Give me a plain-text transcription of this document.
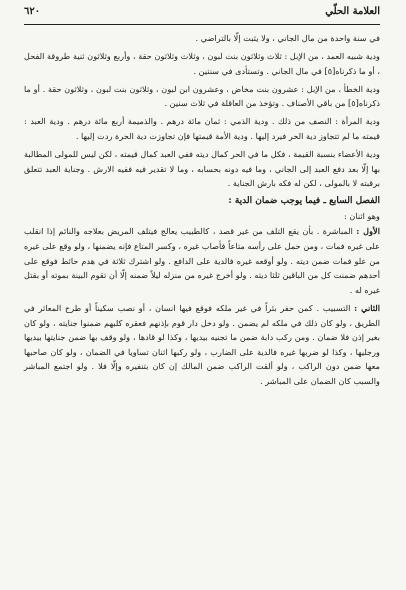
العلامة الحلّي
٦٢٠

في سنة واحدة من مال الجاني ، ولا يثبت إلّا بالتراضي .

ودية شبيه العمد ، من الإبل : ثلاث وثلاثون بنت لبون ، وثلاث وثلاثون حقة ، وأربع وثلاثون ثنية طروقة الفحل ، أو ما ذكرناه[٥] في مال الجاني . وتستأدى في سنتين .

ودية الخطأ ، من الإبل : عشرون بنت مخاض ، وعشرون ابن لبون ، وثلاثون بنت لبون ، وثلاثون حقة . أو ما ذكرناه[٥] من باقي الأصناف . وتؤخذ من العاقلة في ثلاث سنين .

ودية المرأة : النصف من ذلك . ودية الذمي : ثمان مائة درهم . والذميمة أربع مائة درهم . ودية العبد : قيمته ما لم تتجاوز دية الحر فيرد إليها . ودية الأمة قيمتها فإن تجاوزت دية الحرة ردت إليها .

ودية الأعضاء بنسبة القيمة ، فكل ما في الحر كمال ديته ففي العبد كمال قيمته ، لكن ليس للمولى المطالبة بها إلّا بعد دفع العبد إلى الجاني ، وما فيه دونه بحسابه ، وما لا تقدير فيه ففيه الارش . وجناية العبد تتعلق برقبته لا بالمولى ، لكن له فكه بارش الجناية .

الفصل السابع ـ فيما يوجب ضمان الدية :

وهو اثنان :

الأول : المباشرة . بأن يقع التلف من غير قصد ، كالطبيب يعالج فيتلف المريض بعلاجه والنائم إذا انقلب على غيره فمات ، ومن حمل على رأسه متاعاً فأصاب غيره ، وكسر المتاع فإنه يضمنها ، ولو وقع على غيره من علو فمات ضمن ديته . ولو أوقعه غيره فالدية على الدافع . ولو اشترك ثلاثة في هدم حائط فوقع على أحدهم ضمنت كل من الباقين ثلثا ديته . ولو أخرج غيره من منزله ليلاً ضمنه إلّا أن تقوم البينة بموته أو بقتل غيره له .

الثاني : التسبيب . كمن حفر بئراً في غير ملكه فوقع فيها انسان ، أو نصب سكيناً أو طرح المعاثر في الطريق ، ولو كان ذلك في ملكه لم يضمن . ولو دخل دار قوم بإذنهم فعقره كلبهم ضمنوا جنايته ، ولو كان بغير إذن فلا ضمان . ومن ركب دابة ضمن ما تجنيه بيديها ، وكذا لو قادها ، ولو وقف بها ضمن جنايتها بيديها ورجليها ، وكذا لو ضربها غيره فالدية على الضارب ، ولو ركبها اثنان تساويا في الضمان ، ولو كان صاحبها معها ضمن دون الراكب ، ولو ألقت الراكب ضمن المالك إن كان بتنفيره وإلّا فلا . ولو اجتمع المباشر والسبب كان الضمان على المباشر .
